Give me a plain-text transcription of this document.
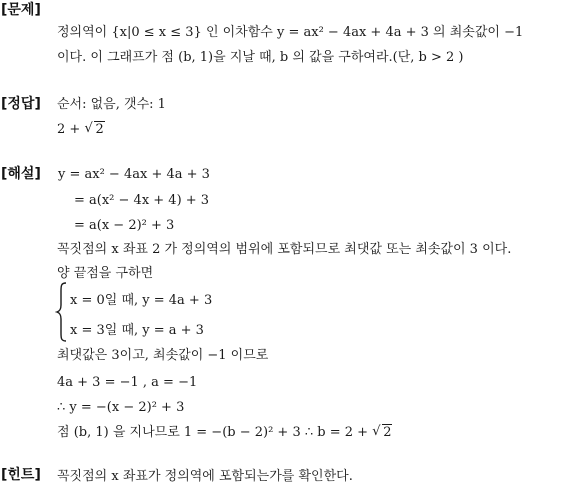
[문제]
정의역이 {x|0 ≤ x ≤ 3} 인 이차함수 y = ax² − 4ax + 4a + 3 의 최솟값이 −1
이다. 이 그래프가 점 (b, 1)을 지날 때, b 의 값을 구하여라.(단, b > 2 )
[정답] 순서: 없음, 갯수: 1
2 + √ 2
[해설] y = ax² − 4ax + 4a + 3
= a(x² − 4x + 4) + 3
= a(x − 2)² + 3
꼭짓점의 x 좌표 2 가 정의역의 범위에 포함되므로 최댓값 또는 최솟값이 3 이다.
양 끝점을 구하면
x = 0일 때, y = 4a + 3
x = 3일 때, y = a + 3
최댓값은 3이고, 최솟값이 −1 이므로
4a + 3 = −1 , a = −1
∴ y = −(x − 2)² + 3
점 (b, 1) 을 지나므로 1 = −(b − 2)² + 3 ∴ b = 2 + √ 2
[힌트] 꼭짓점의 x 좌표가 정의역에 포함되는가를 확인한다.
